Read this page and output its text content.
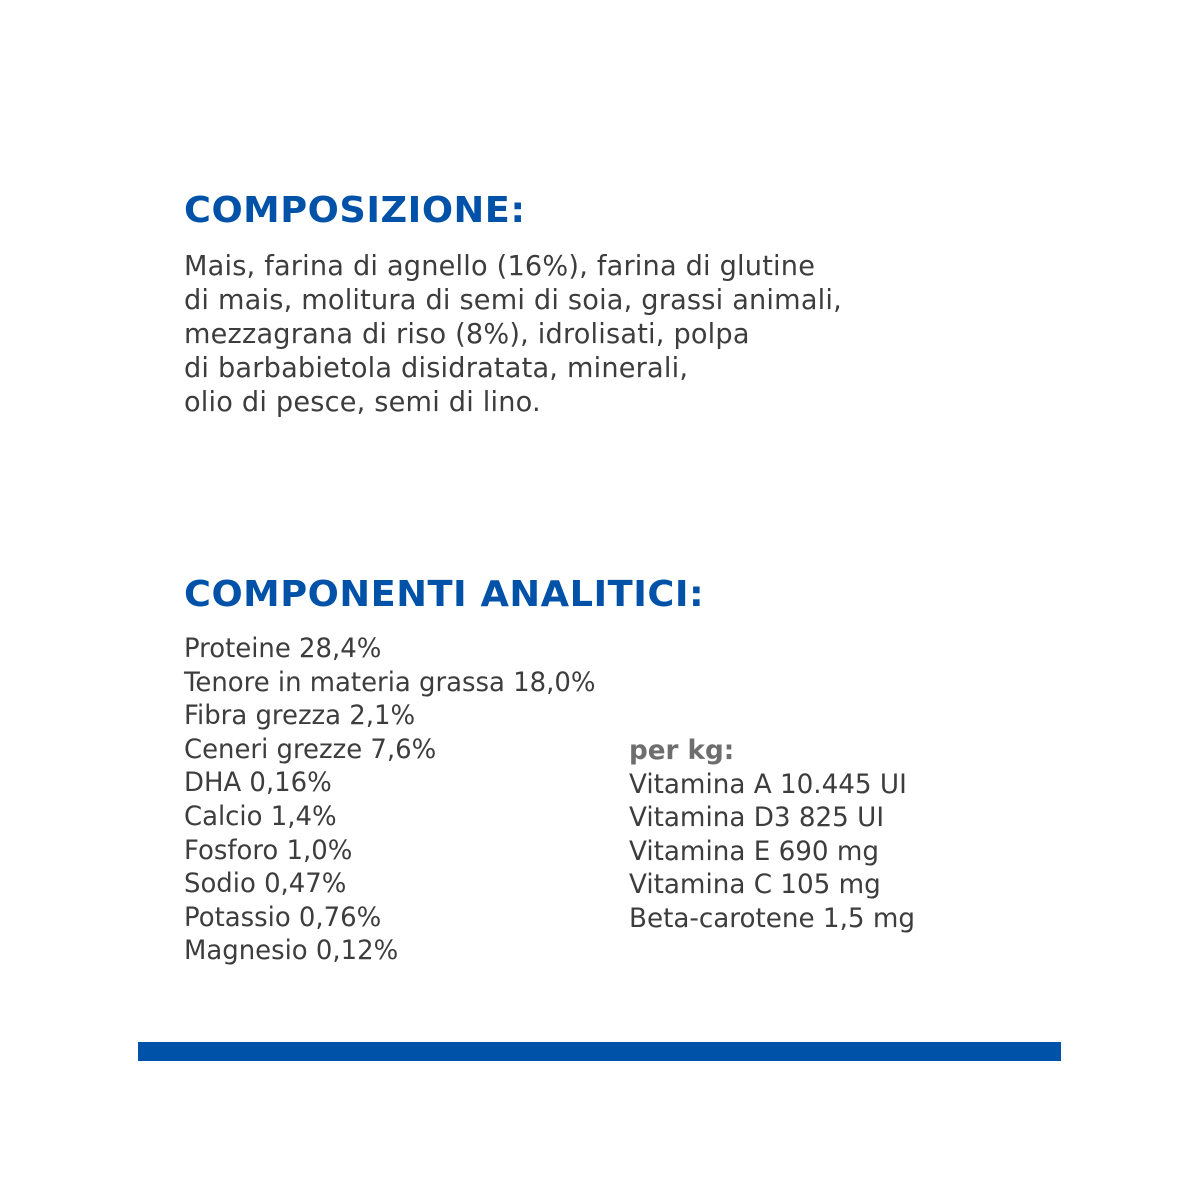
COMPOSIZIONE:
Mais, farina di agnello (16%), farina di glutine
di mais, molitura di semi di soia, grassi animali,
mezzagrana di riso (8%), idrolisati, polpa
di barbabietola disidratata, minerali,
olio di pesce, semi di lino.
COMPONENTI ANALITICI:
Proteine 28,4%
Tenore in materia grassa 18,0%
Fibra grezza 2,1%
Ceneri grezze 7,6%
DHA 0,16%
Calcio 1,4%
Fosforo 1,0%
Sodio 0,47%
Potassio 0,76%
Magnesio 0,12%
per kg:
Vitamina A 10.445 UI
Vitamina D3 825 UI
Vitamina E 690 mg
Vitamina C 105 mg
Beta-carotene 1,5 mg
